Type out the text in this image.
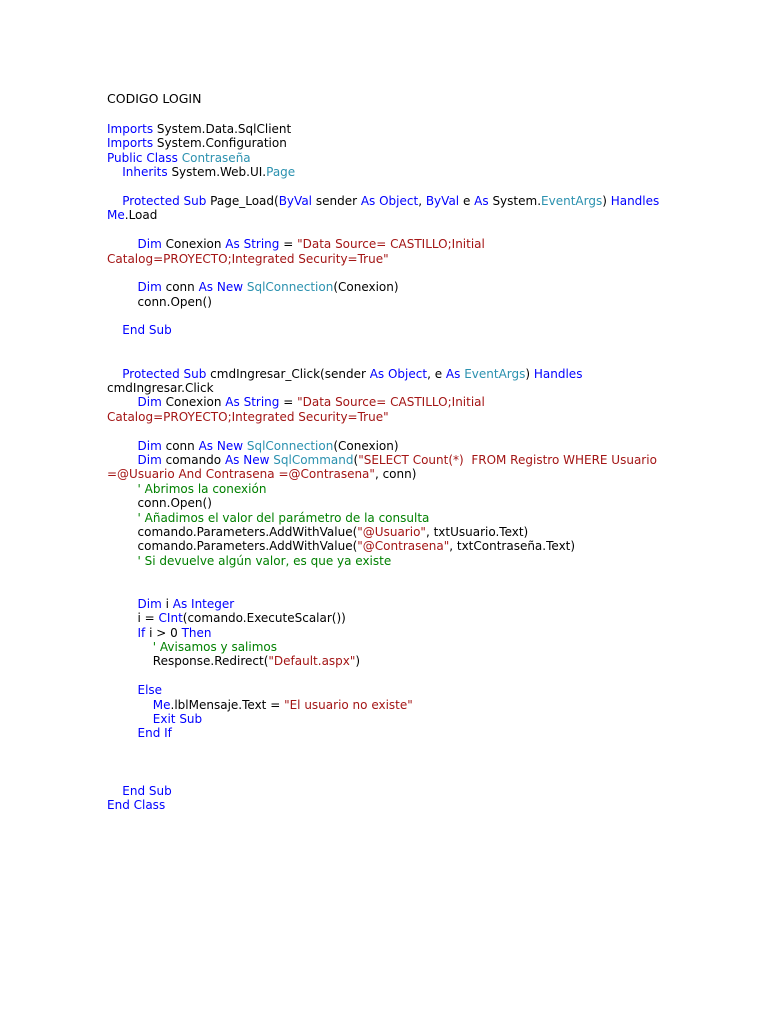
CODIGO LOGIN
Imports System.Data.SqlClient
Imports System.Configuration
Public Class Contraseña
Inherits System.Web.UI.Page
Protected Sub Page_Load(ByVal sender As Object, ByVal e As System.EventArgs) Handles
Me.Load
Dim Conexion As String = "Data Source= CASTILLO;Initial
Catalog=PROYECTO;Integrated Security=True"
Dim conn As New SqlConnection(Conexion)
conn.Open()
End Sub
Protected Sub cmdIngresar_Click(sender As Object, e As EventArgs) Handles
cmdIngresar.Click
Dim Conexion As String = "Data Source= CASTILLO;Initial
Catalog=PROYECTO;Integrated Security=True"
Dim conn As New SqlConnection(Conexion)
Dim comando As New SqlCommand("SELECT Count(*)  FROM Registro WHERE Usuario
=@Usuario And Contrasena =@Contrasena", conn)
' Abrimos la conexión
conn.Open()
' Añadimos el valor del parámetro de la consulta
comando.Parameters.AddWithValue("@Usuario", txtUsuario.Text)
comando.Parameters.AddWithValue("@Contrasena", txtContraseña.Text)
' Si devuelve algún valor, es que ya existe
Dim i As Integer
i = CInt(comando.ExecuteScalar())
If i > 0 Then
' Avisamos y salimos
Response.Redirect("Default.aspx")
Else
Me.lblMensaje.Text = "El usuario no existe"
Exit Sub
End If
End Sub
End Class
